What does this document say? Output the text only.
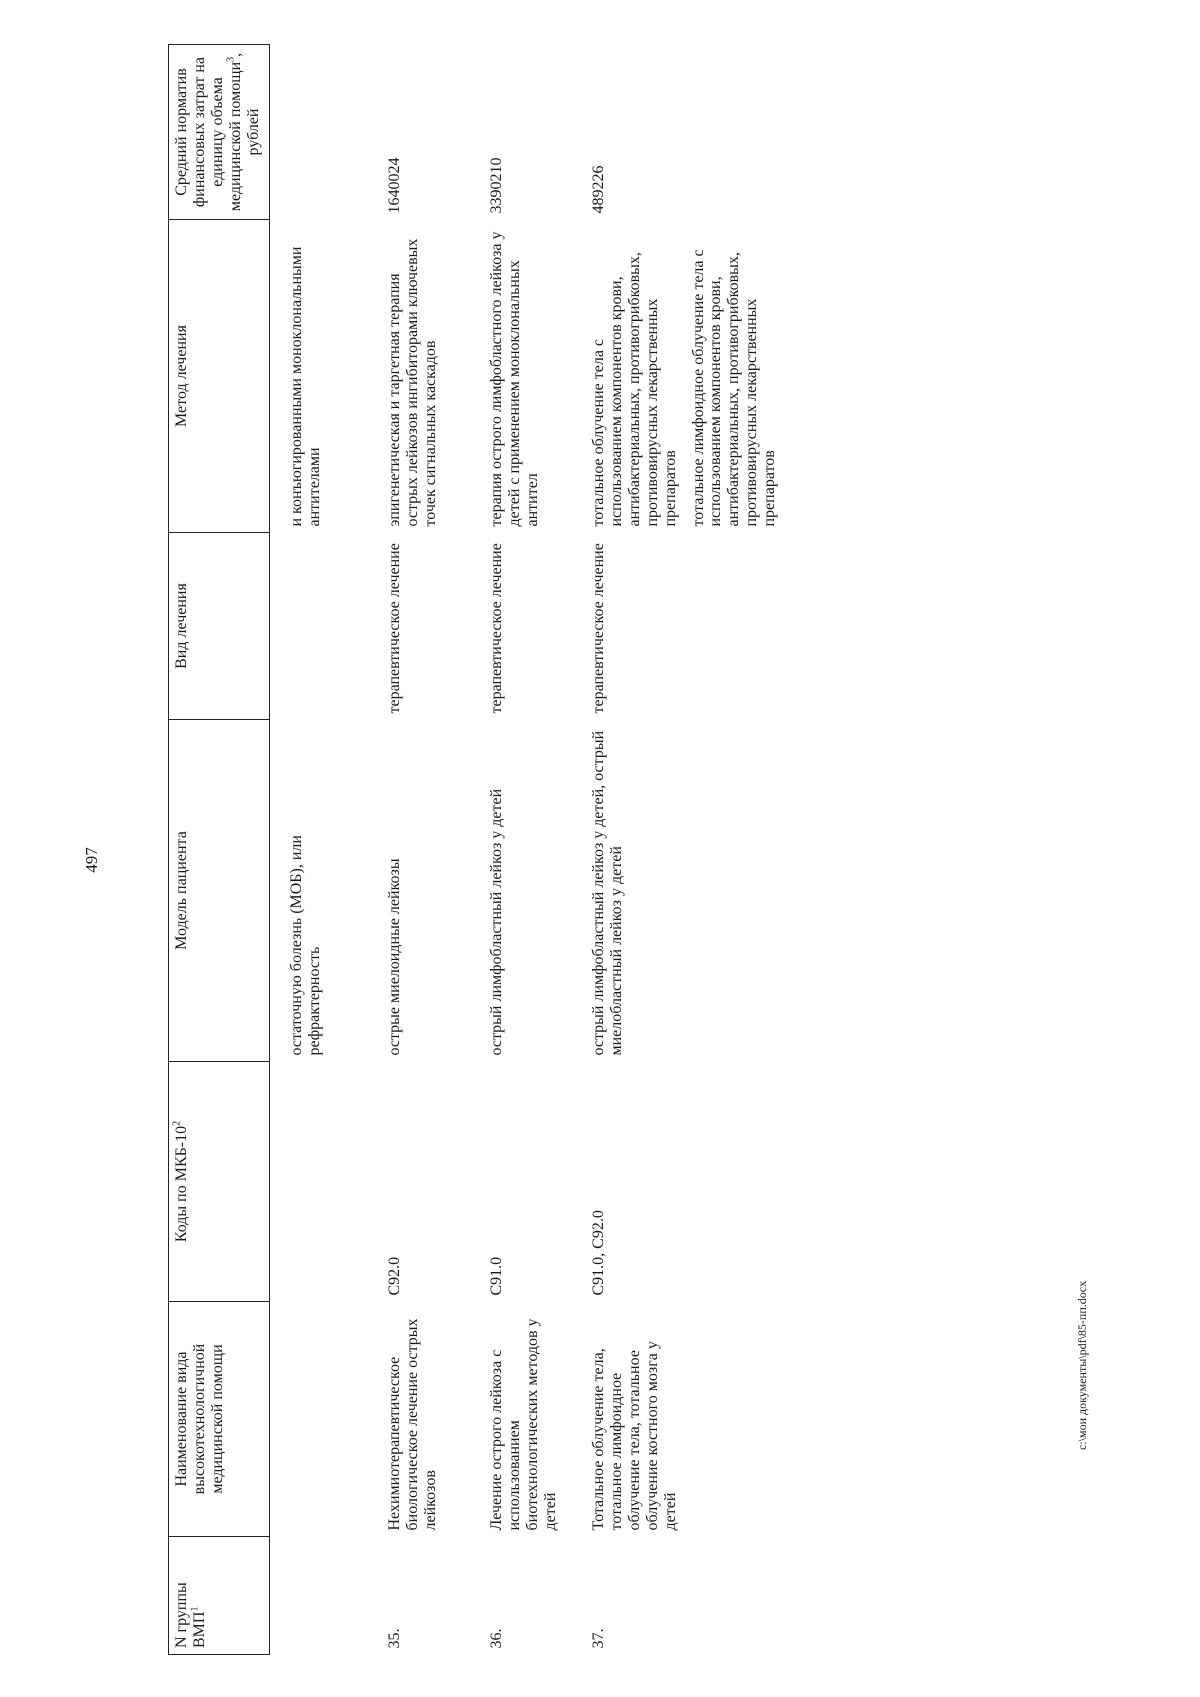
497
N группы ВМП$^1$	Наименование вида высокотехнологичной медицинской помощи	Коды по МКБ-$10^2$	Модель пациента	Вид лечения	Метод лечения	Средний норматив финансовых затрат на единицу объема медицинской помощи$^3$, рублей
			остаточную болезнь (МОБ), или рефрактерность		и конъюгированными моноклональными антителами	
35.	Нехимиотерапевтическое биологическое лечение острых лейкозов	C92.0	острые миелоидные лейкозы	терапевтическое лечение	эпигенетическая и таргетная терапия острых лейкозов ингибиторами ключевых точек сигнальных каскадов	1640024
36.	Лечение острого лейкоза с использованием биотехнологических методов у детей	C91.0	острый лимфобластный лейкоз у детей	терапевтическое лечение	терапия острого лимфобластного лейкоза у детей с применением моноклональных антител	3390210
37.	Тотальное облучение тела, тотальное лимфоидное облучение тела, тотальное облучение костного мозга у детей	C91.0, C92.0	острый лимфобластный лейкоз у детей, острый миелобластный лейкоз у детей	терапевтическое лечение	тотальное облучение тела с использованием компонентов крови, антибактериальных, противогрибковых, противовирусных лекарственных препаратов тотальное лимфоидное облучение тела с использованием компонентов крови, антибактериальных, противогрибковых, противовирусных лекарственных препаратов	489226
c:\мои документы\pdf\85-пп.docx
